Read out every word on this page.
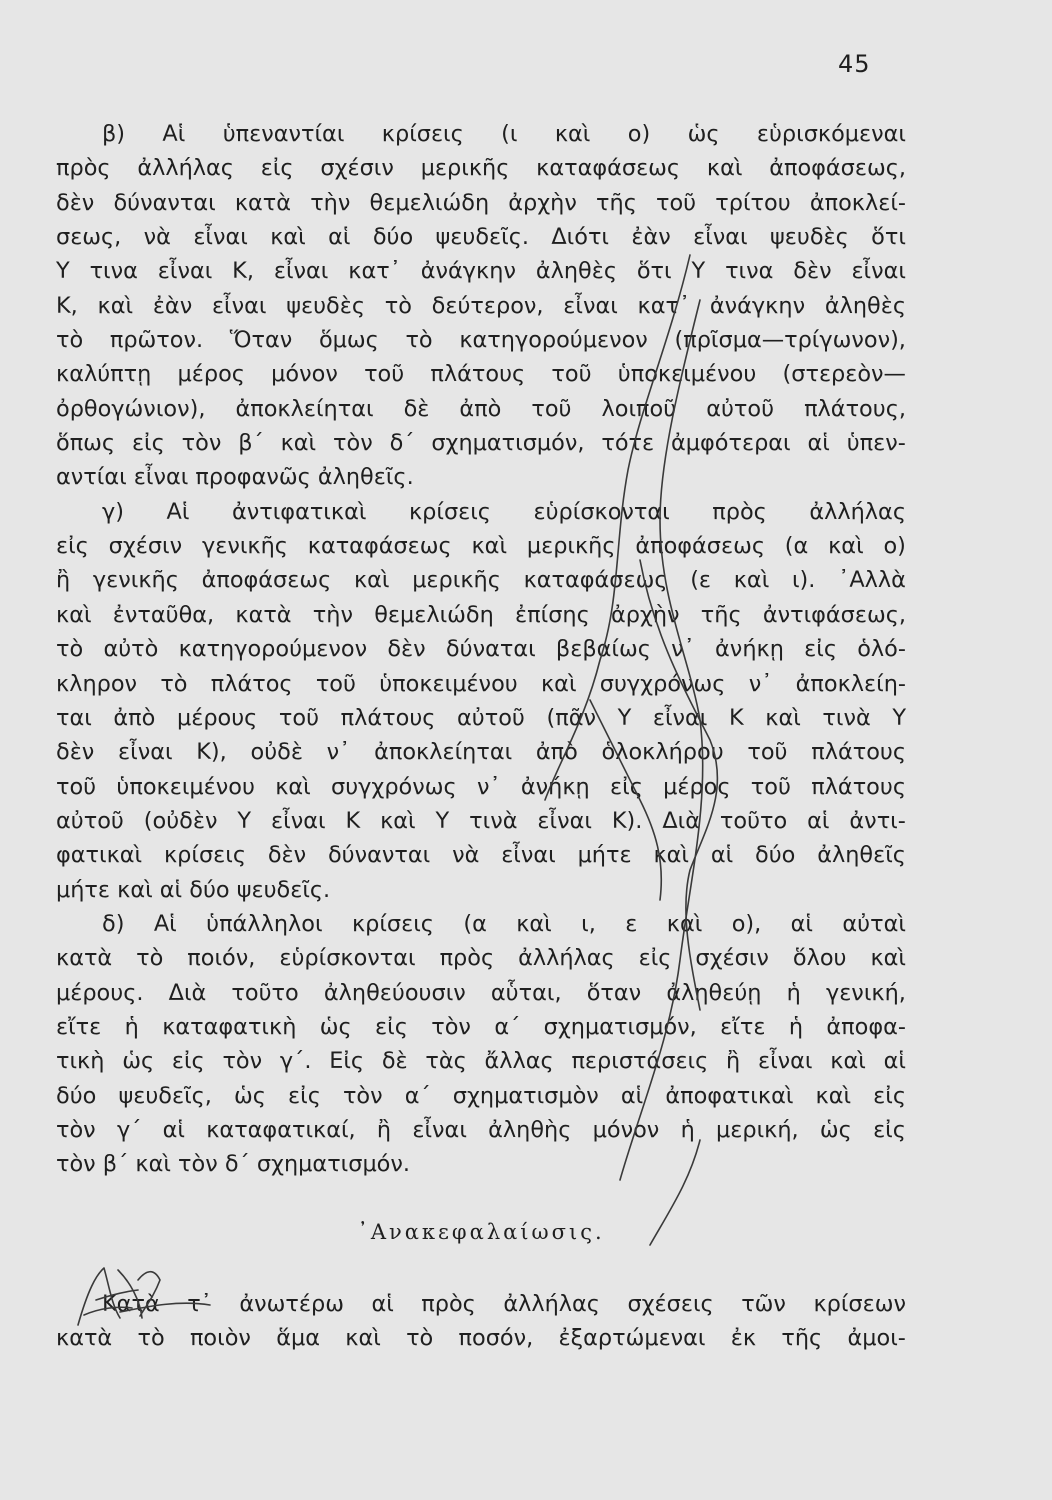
45
β) Αἱ ὑπεναντίαι κρίσεις (ι καὶ ο) ὡς εὑρισκόμεναι
πρὸς ἀλλήλας εἰς σχέσιν μερικῆς καταφάσεως καὶ ἀποφάσεως,
δὲν δύνανται κατὰ τὴν θεμελιώδη ἀρχὴν τῆς τοῦ τρίτου ἀποκλεί-
σεως, νὰ εἶναι καὶ αἱ δύο ψευδεῖς. Διότι ἐὰν εἶναι ψευδὲς ὅτι
Υ τινα εἶναι Κ, εἶναι κατ᾿ ἀνάγκην ἀληθὲς ὅτι Υ τινα δὲν εἶναι
Κ, καὶ ἐὰν εἶναι ψευδὲς τὸ δεύτερον, εἶναι κατ᾿ ἀνάγκην ἀληθὲς
τὸ πρῶτον. Ὅταν ὅμως τὸ κατηγορούμενον (πρῖσμα—τρίγωνον),
καλύπτῃ μέρος μόνον τοῦ πλάτους τοῦ ὑποκειμένου (στερεὸν—
ὀρθογώνιον), ἀποκλείηται δὲ ἀπὸ τοῦ λοιποῦ αὐτοῦ πλάτους,
ὅπως εἰς τὸν β΄ καὶ τὸν δ΄ σχηματισμόν, τότε ἀμφότεραι αἱ ὑπεν-
αντίαι εἶναι προφανῶς ἀληθεῖς.
γ) Αἱ ἀντιφατικαὶ κρίσεις εὑρίσκονται πρὸς ἀλλήλας
εἰς σχέσιν γενικῆς καταφάσεως καὶ μερικῆς ἀποφάσεως (α καὶ ο)
ἢ γενικῆς ἀποφάσεως καὶ μερικῆς καταφάσεως (ε καὶ ι). ᾿Αλλὰ
καὶ ἐνταῦθα, κατὰ τὴν θεμελιώδη ἐπίσης ἀρχὴν τῆς ἀντιφάσεως,
τὸ αὐτὸ κατηγορούμενον δὲν δύναται βεβαίως ν᾿ ἀνήκῃ εἰς ὁλό-
κληρον τὸ πλάτος τοῦ ὑποκειμένου καὶ συγχρόνως ν᾿ ἀποκλείη-
ται ἀπὸ μέρους τοῦ πλάτους αὐτοῦ (πᾶν Υ εἶναι Κ καὶ τινὰ Υ
δὲν εἶναι Κ), οὐδὲ ν᾿ ἀποκλείηται ἀπὸ ὁλοκλήρου τοῦ πλάτους
τοῦ ὑποκειμένου καὶ συγχρόνως ν᾿ ἀνήκῃ εἰς μέρος τοῦ πλάτους
αὐτοῦ (οὐδὲν Υ εἶναι Κ καὶ Υ τινὰ εἶναι Κ). Διὰ τοῦτο αἱ ἀντι-
φατικαὶ κρίσεις δὲν δύνανται νὰ εἶναι μήτε καὶ αἱ δύο ἀληθεῖς
μήτε καὶ αἱ δύο ψευδεῖς.
δ) Αἱ ὑπάλληλοι κρίσεις (α καὶ ι, ε καὶ ο), αἱ αὐταὶ
κατὰ τὸ ποιόν, εὑρίσκονται πρὸς ἀλλήλας εἰς σχέσιν ὅλου καὶ
μέρους. Διὰ τοῦτο ἀληθεύουσιν αὗται, ὅταν ἀληθεύῃ ἡ γενική,
εἴτε ἡ καταφατικὴ ὡς εἰς τὸν α΄ σχηματισμόν, εἴτε ἡ ἀποφα-
τικὴ ὡς εἰς τὸν γ΄. Εἰς δὲ τὰς ἄλλας περιστάσεις ἢ εἶναι καὶ αἱ
δύο ψευδεῖς, ὡς εἰς τὸν α΄ σχηματισμὸν αἱ ἀποφατικαὶ καὶ εἰς
τὸν γ΄ αἱ καταφατικαί, ἢ εἶναι ἀληθὴς μόνον ἡ μερική, ὡς εἰς
τὸν β΄ καὶ τὸν δ΄ σχηματισμόν.
᾿Ανακεφαλαίωσις.
Κατὰ τ᾿ ἀνωτέρω αἱ πρὸς ἀλλήλας σχέσεις τῶν κρίσεων
κατὰ τὸ ποιὸν ἅμα καὶ τὸ ποσόν, ἐξαρτώμεναι ἐκ τῆς ἀμοι-
